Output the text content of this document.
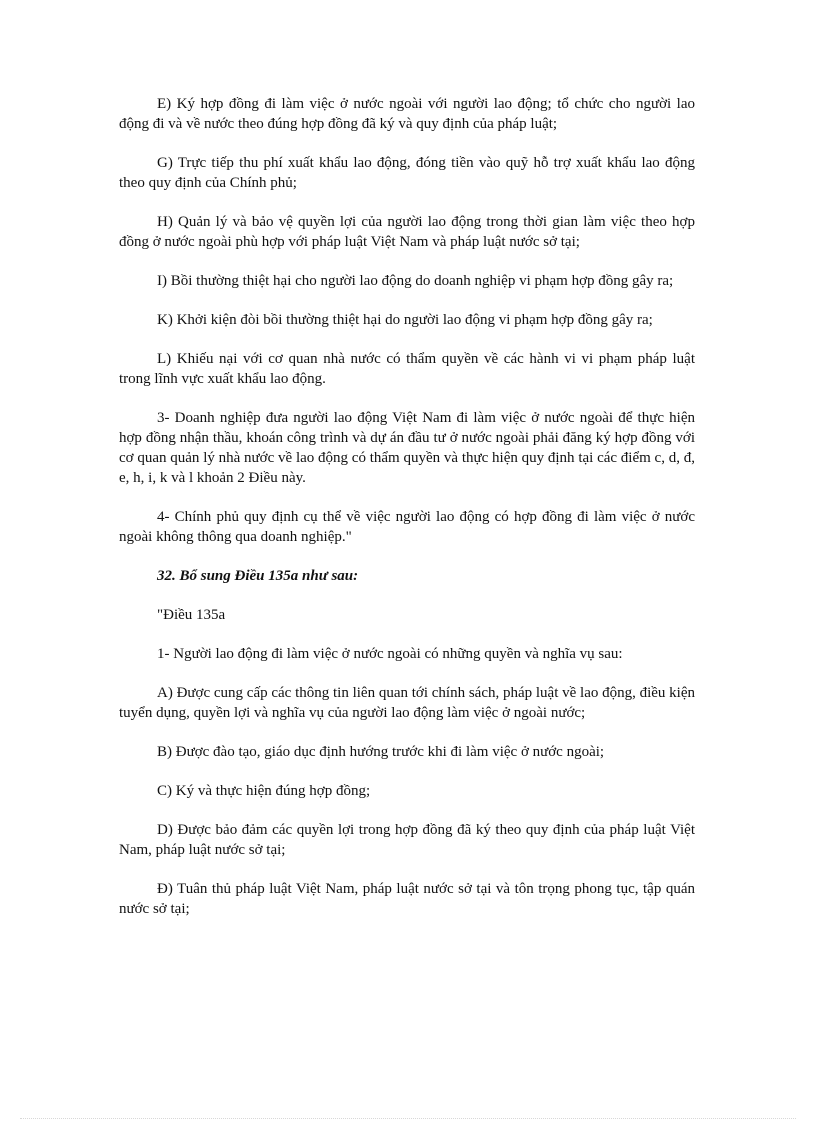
E) Ký hợp đồng đi làm việc ở nước ngoài với người lao động; tổ chức cho người lao động đi và về nước theo đúng hợp đồng đã ký và quy định của pháp luật;

G) Trực tiếp thu phí xuất khẩu lao động, đóng tiền vào quỹ hỗ trợ xuất khẩu lao động theo quy định của Chính phủ;

H) Quản lý và bảo vệ quyền lợi của người lao động trong thời gian làm việc theo hợp đồng ở nước ngoài phù hợp với pháp luật Việt Nam và pháp luật nước sở tại;

I) Bồi thường thiệt hại cho người lao động do doanh nghiệp vi phạm hợp đồng gây ra;

K) Khởi kiện đòi bồi thường thiệt hại do người lao động vi phạm hợp đồng gây ra;

L) Khiếu nại với cơ quan nhà nước có thẩm quyền về các hành vi vi phạm pháp luật trong lĩnh vực xuất khẩu lao động.

3- Doanh nghiệp đưa người lao động Việt Nam đi làm việc ở nước ngoài để thực hiện hợp đồng nhận thầu, khoán công trình và dự án đầu tư ở nước ngoài phải đăng ký hợp đồng với cơ quan quản lý nhà nước về lao động có thẩm quyền và thực hiện quy định tại các điểm c, d, đ, e, h, i, k và l khoản 2 Điều này.

4- Chính phủ quy định cụ thể về việc người lao động có hợp đồng đi làm việc ở nước ngoài không thông qua doanh nghiệp."

32. Bổ sung Điều 135a như sau:

"Điều 135a

1- Người lao động đi làm việc ở nước ngoài có những quyền và nghĩa vụ sau:

A) Được cung cấp các thông tin liên quan tới chính sách, pháp luật về lao động, điều kiện tuyển dụng, quyền lợi và nghĩa vụ của người lao động làm việc ở ngoài nước;

B) Được đào tạo, giáo dục định hướng trước khi đi làm việc ở nước ngoài;

C) Ký và thực hiện đúng hợp đồng;

D) Được bảo đảm các quyền lợi trong hợp đồng đã ký theo quy định của pháp luật Việt Nam, pháp luật nước sở tại;

Đ) Tuân thủ pháp luật Việt Nam, pháp luật nước sở tại và tôn trọng phong tục, tập quán nước sở tại;
